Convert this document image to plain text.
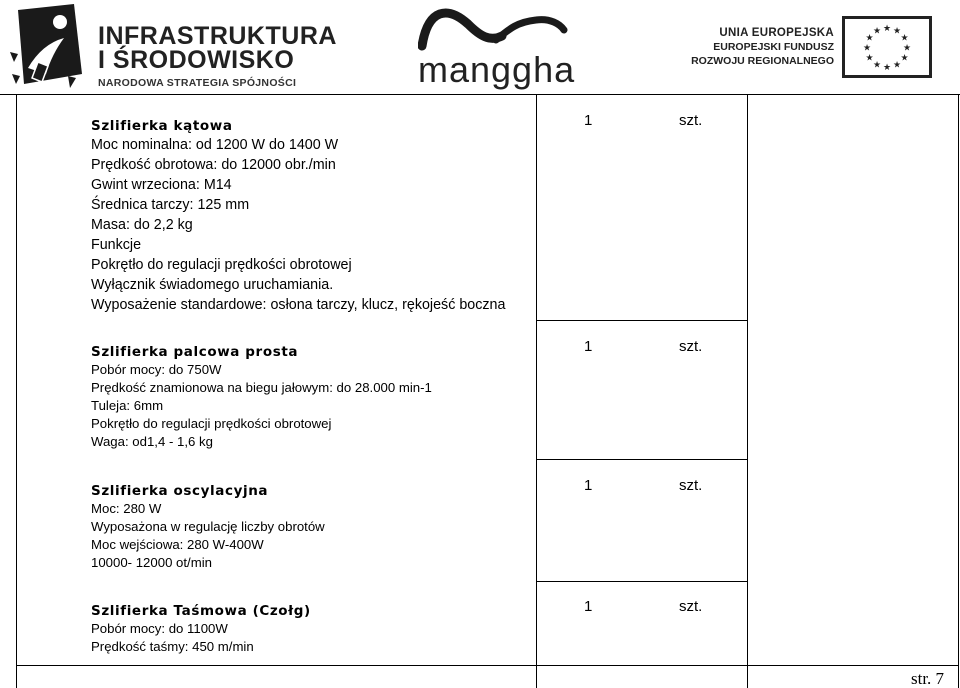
INFRASTRUKTURA
I ŚRODOWISKO
NARODOWA STRATEGIA SPÓJNOŚCI	manggha
UNIA EUROPEJSKA
EUROPEJSKI FUNDUSZ
ROZWOJU REGIONALNEGO
★ ★
★
★
★
★
★
★
★
★
★
★
Szlifierka kątowa
Moc nominalna: od 1200 W do 1400 W
Prędkość obrotowa: do 12000 obr./min
Gwint wrzeciona: M14
Średnica tarczy: 125 mm
Masa: do 2,2 kg
Funkcje
Pokrętło do regulacji prędkości obrotowej
Wyłącznik świadomego uruchamiania.
Wyposażenie standardowe: osłona tarczy, klucz, rękojeść boczna
1	szt.
Szlifierka palcowa prosta
Pobór mocy: do 750W
Prędkość znamionowa na biegu jałowym: do 28.000 min-1
Tuleja: 6mm
Pokrętło do regulacji prędkości obrotowej
Waga: od1,4 - 1,6 kg
1	szt.
Szlifierka oscylacyjna
Moc: 280 W
Wyposażona w regulację liczby obrotów
Moc wejściowa: 280 W-400W
10000- 12000 ot/min
1	szt.
Szlifierka Taśmowa (Czołg)
Pobór mocy: do 1100W
Prędkość taśmy: 450 m/min
1	szt.
str. 7
